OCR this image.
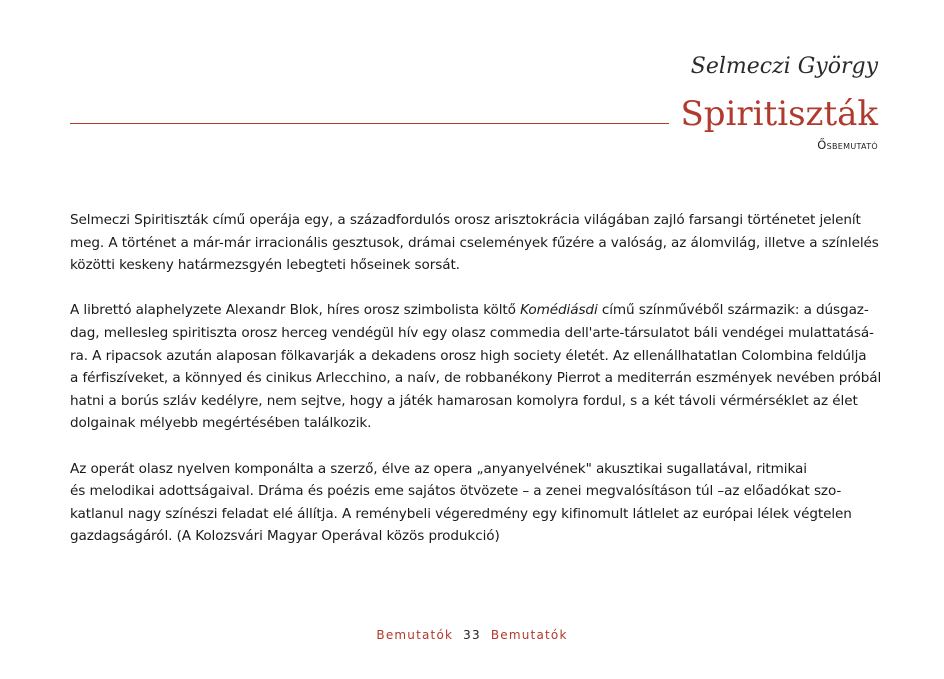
Selmeczi György
Spiritiszták
Ősbemutató

Selmeczi Spiritiszták című operája egy, a századfordulós orosz arisztokrácia világában zajló farsangi történetet jelenít
meg. A történet a már-már irracionális gesztusok, drámai cselemények fűzére a valóság, az álomvilág, illetve a színlelés
közötti keskeny határmezsgyén lebegteti hőseinek sorsát.

A librettó alaphelyzete Alexandr Blok, híres orosz szimbolista költő Komédiásdi című színművéből származik: a dúsgaz-
dag, mellesleg spiritiszta orosz herceg vendégül hív egy olasz commedia dell'arte-társulatot báli vendégei mulattatásá-
ra. A ripacsok azután alaposan fölkavarják a dekadens orosz high society életét. Az ellenállhatatlan Colombina feldúlja
a férfiszíveket, a könnyed és cinikus Arlecchino, a naív, de robbanékony Pierrot a mediterrán eszmények nevében próbál
hatni a borús szláv kedélyre, nem sejtve, hogy a játék hamarosan komolyra fordul, s a két távoli vérmérséklet az élet
dolgainak mélyebb megértésében találkozik.

Az operát olasz nyelven komponálta a szerző, élve az opera „anyanyelvének" akusztikai sugallatával, ritmikai
és melodikai adottságaival. Dráma és poézis eme sajátos ötvözete – a zenei megvalósításon túl –az előadókat szo-
katlanul nagy színészi feladat elé állítja. A reménybeli végeredmény egy kifinomult látlelet az európai lélek végtelen
gazdagságáról. (A Kolozsvári Magyar Operával közös produkció)

Bemutatók 33 Bemutatók
